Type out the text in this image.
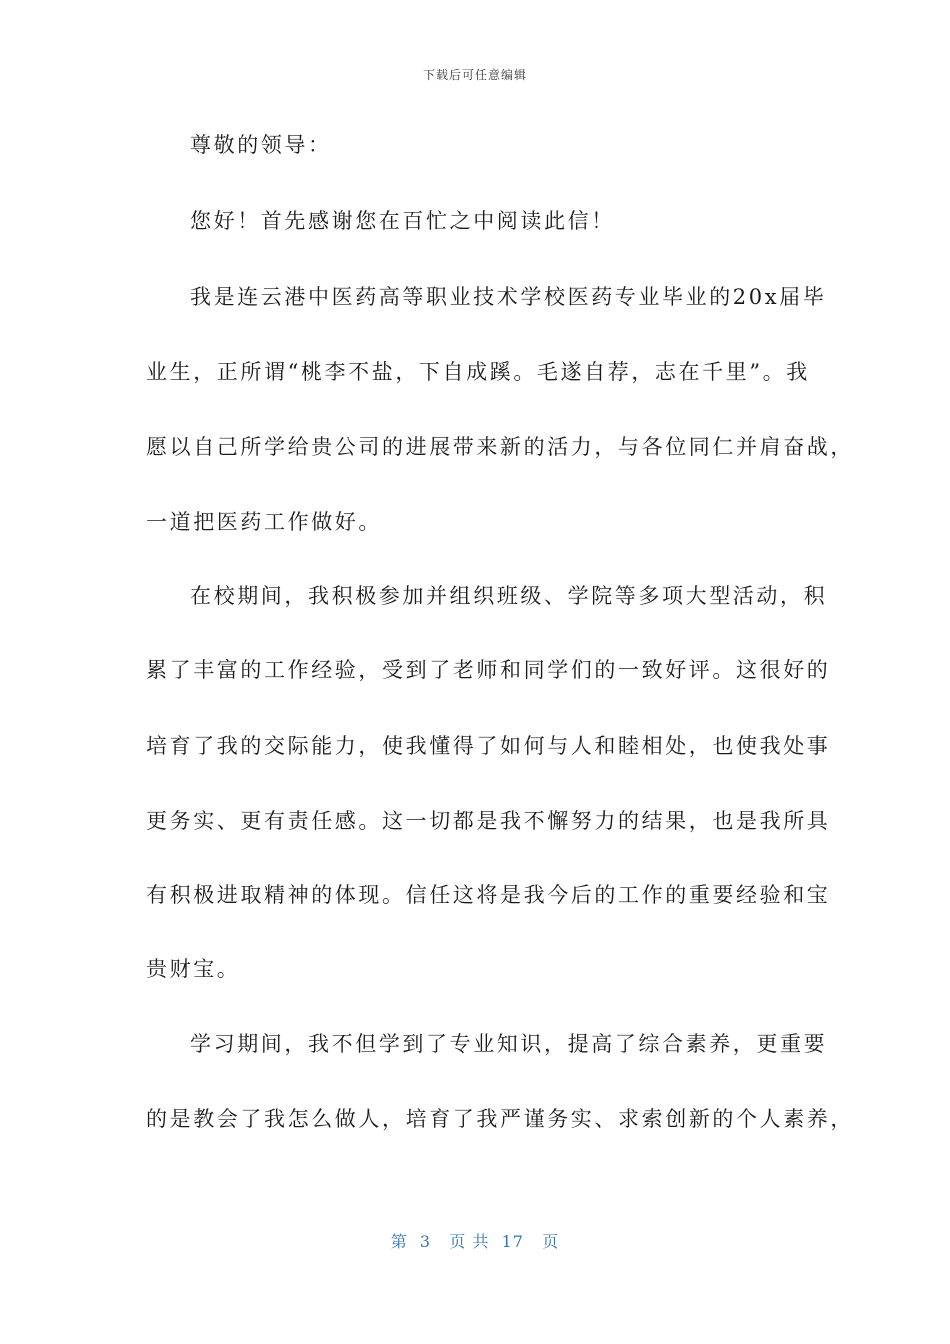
下载后可任意编辑
尊敬的领导：
您好！首先感谢您在百忙之中阅读此信！
我是连云港中医药高等职业技术学校医药专业毕业的20x届毕
业生，正所谓“桃李不盐，下自成蹊。毛遂自荐，志在千里”。我
愿以自己所学给贵公司的进展带来新的活力，与各位同仁并肩奋战，
一道把医药工作做好。
在校期间，我积极参加并组织班级、学院等多项大型活动，积
累了丰富的工作经验，受到了老师和同学们的一致好评。这很好的
培育了我的交际能力，使我懂得了如何与人和睦相处，也使我处事
更务实、更有责任感。这一切都是我不懈努力的结果，也是我所具
有积极进取精神的体现。信任这将是我今后的工作的重要经验和宝
贵财宝。
学习期间，我不但学到了专业知识，提高了综合素养，更重要
的是教会了我怎么做人，培育了我严谨务实、求索创新的个人素养，
第  3   页 共  17   页
